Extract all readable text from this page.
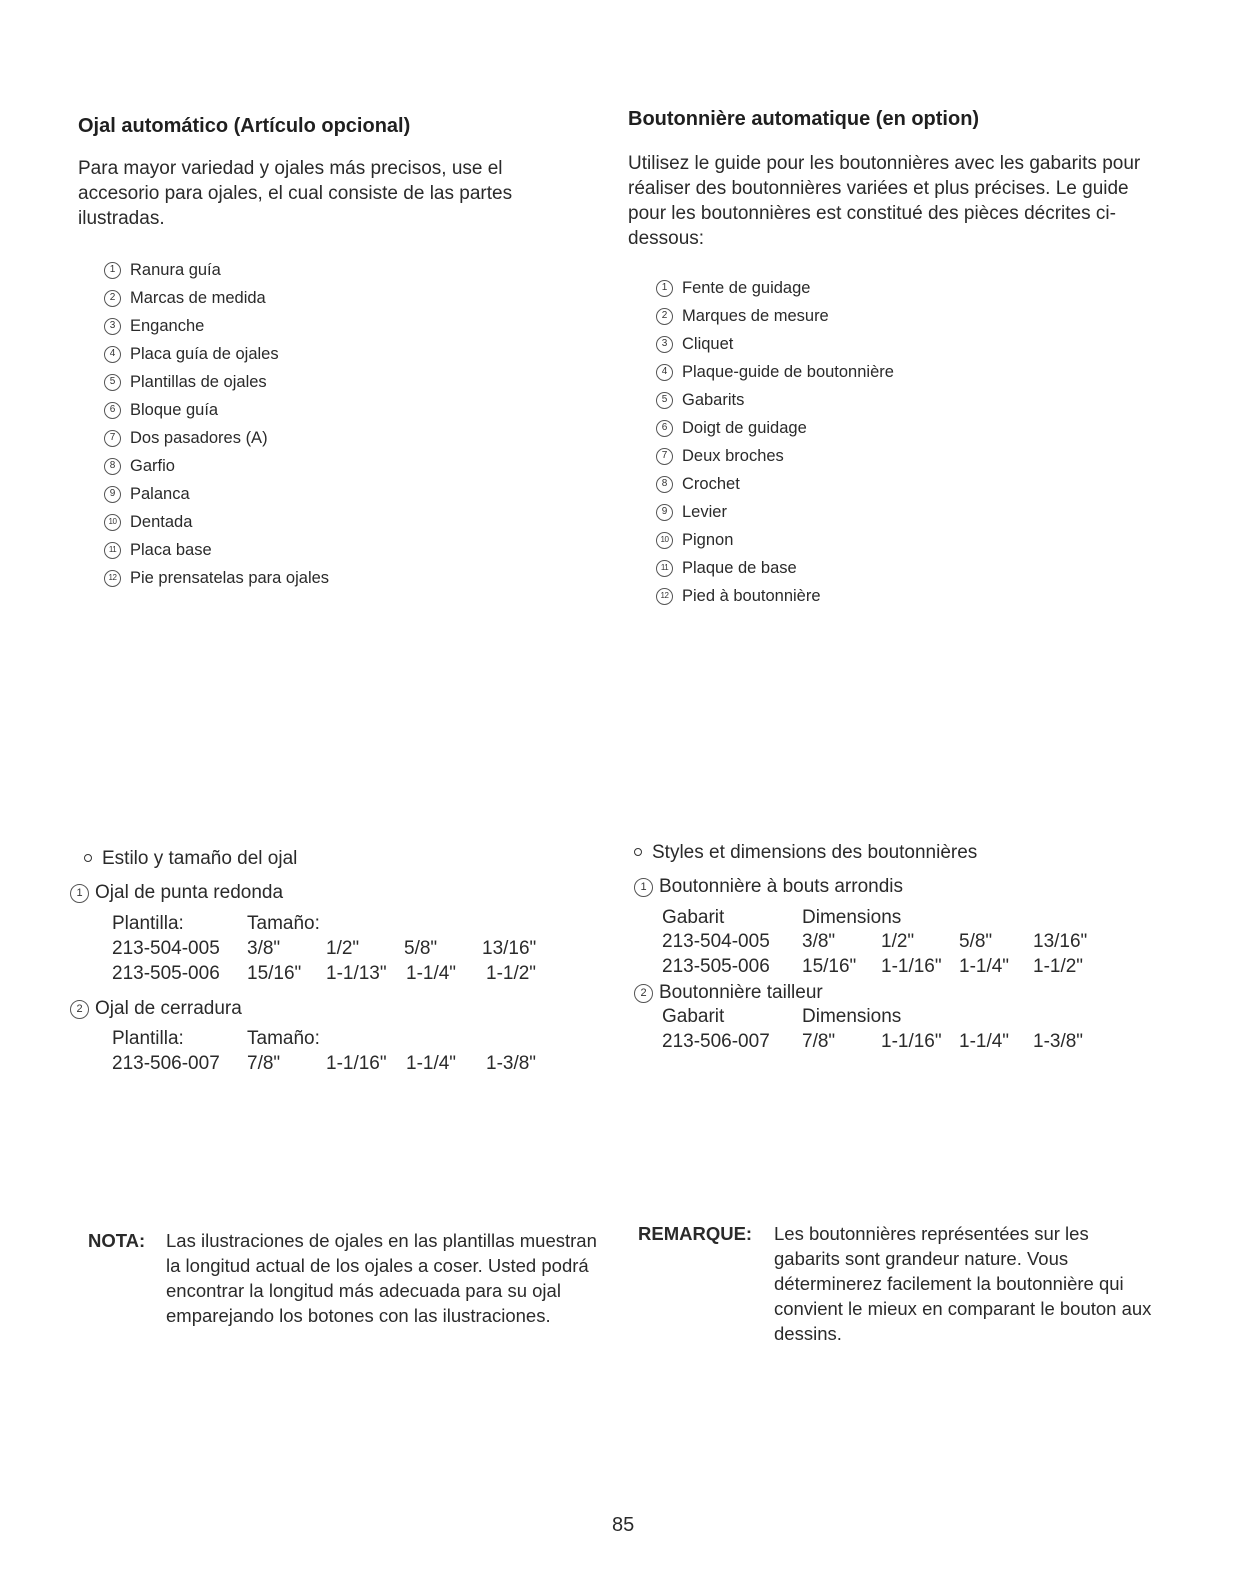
Ojal automático (Artículo opcional)

Para mayor variedad y ojales más precisos, use el accesorio para ojales, el cual consiste de las partes ilustradas.

1 Ranura guía
2 Marcas de medida
3 Enganche
4 Placa guía de ojales
5 Plantillas de ojales
6 Bloque guía
7 Dos pasadores (A)
8 Garfio
9 Palanca
10 Dentada
11 Placa base
12 Pie prensatelas para ojales
Estilo y tamaño del ojal
1 Ojal de punta redonda
Plantilla:	Tamaño:
213-504-005 3/8" 1/2" 5/8" 13/16"
213-505-006 15/16" 1-1/13" 1-1/4" 1-1/2"
2 Ojal de cerradura
Plantilla:	Tamaño:
213-506-007 7/8" 1-1/16" 1-1/4" 1-3/8"
NOTA: Las ilustraciones de ojales en las plantillas muestran la longitud actual de los ojales a coser. Usted podrá encontrar la longitud más adecuada para su ojal emparejando los botones con las ilustraciones.

Boutonnière automatique (en option)

Utilisez le guide pour les boutonnières avec les gabarits pour réaliser des boutonnières variées et plus précises. Le guide pour les boutonnières est constitué des pièces décrites ci-dessous:

1 Fente de guidage
2 Marques de mesure
3 Cliquet
4 Plaque-guide de boutonnière
5 Gabarits
6 Doigt de guidage
7 Deux broches
8 Crochet
9 Levier
10 Pignon
11 Plaque de base
12 Pied à boutonnière
Styles et dimensions des boutonnières
1 Boutonnière à bouts arrondis
Gabarit	Dimensions
213-504-005 3/8" 1/2" 5/8" 13/16"
213-505-006 15/16" 1-1/16" 1-1/4" 1-1/2"
2 Boutonnière tailleur
Gabarit	Dimensions
213-506-007 7/8" 1-1/16" 1-1/4" 1-3/8"
REMARQUE: Les boutonnières représentées sur les gabarits sont grandeur nature. Vous déterminerez facilement la boutonnière qui convient le mieux en comparant le bouton aux dessins.

85
